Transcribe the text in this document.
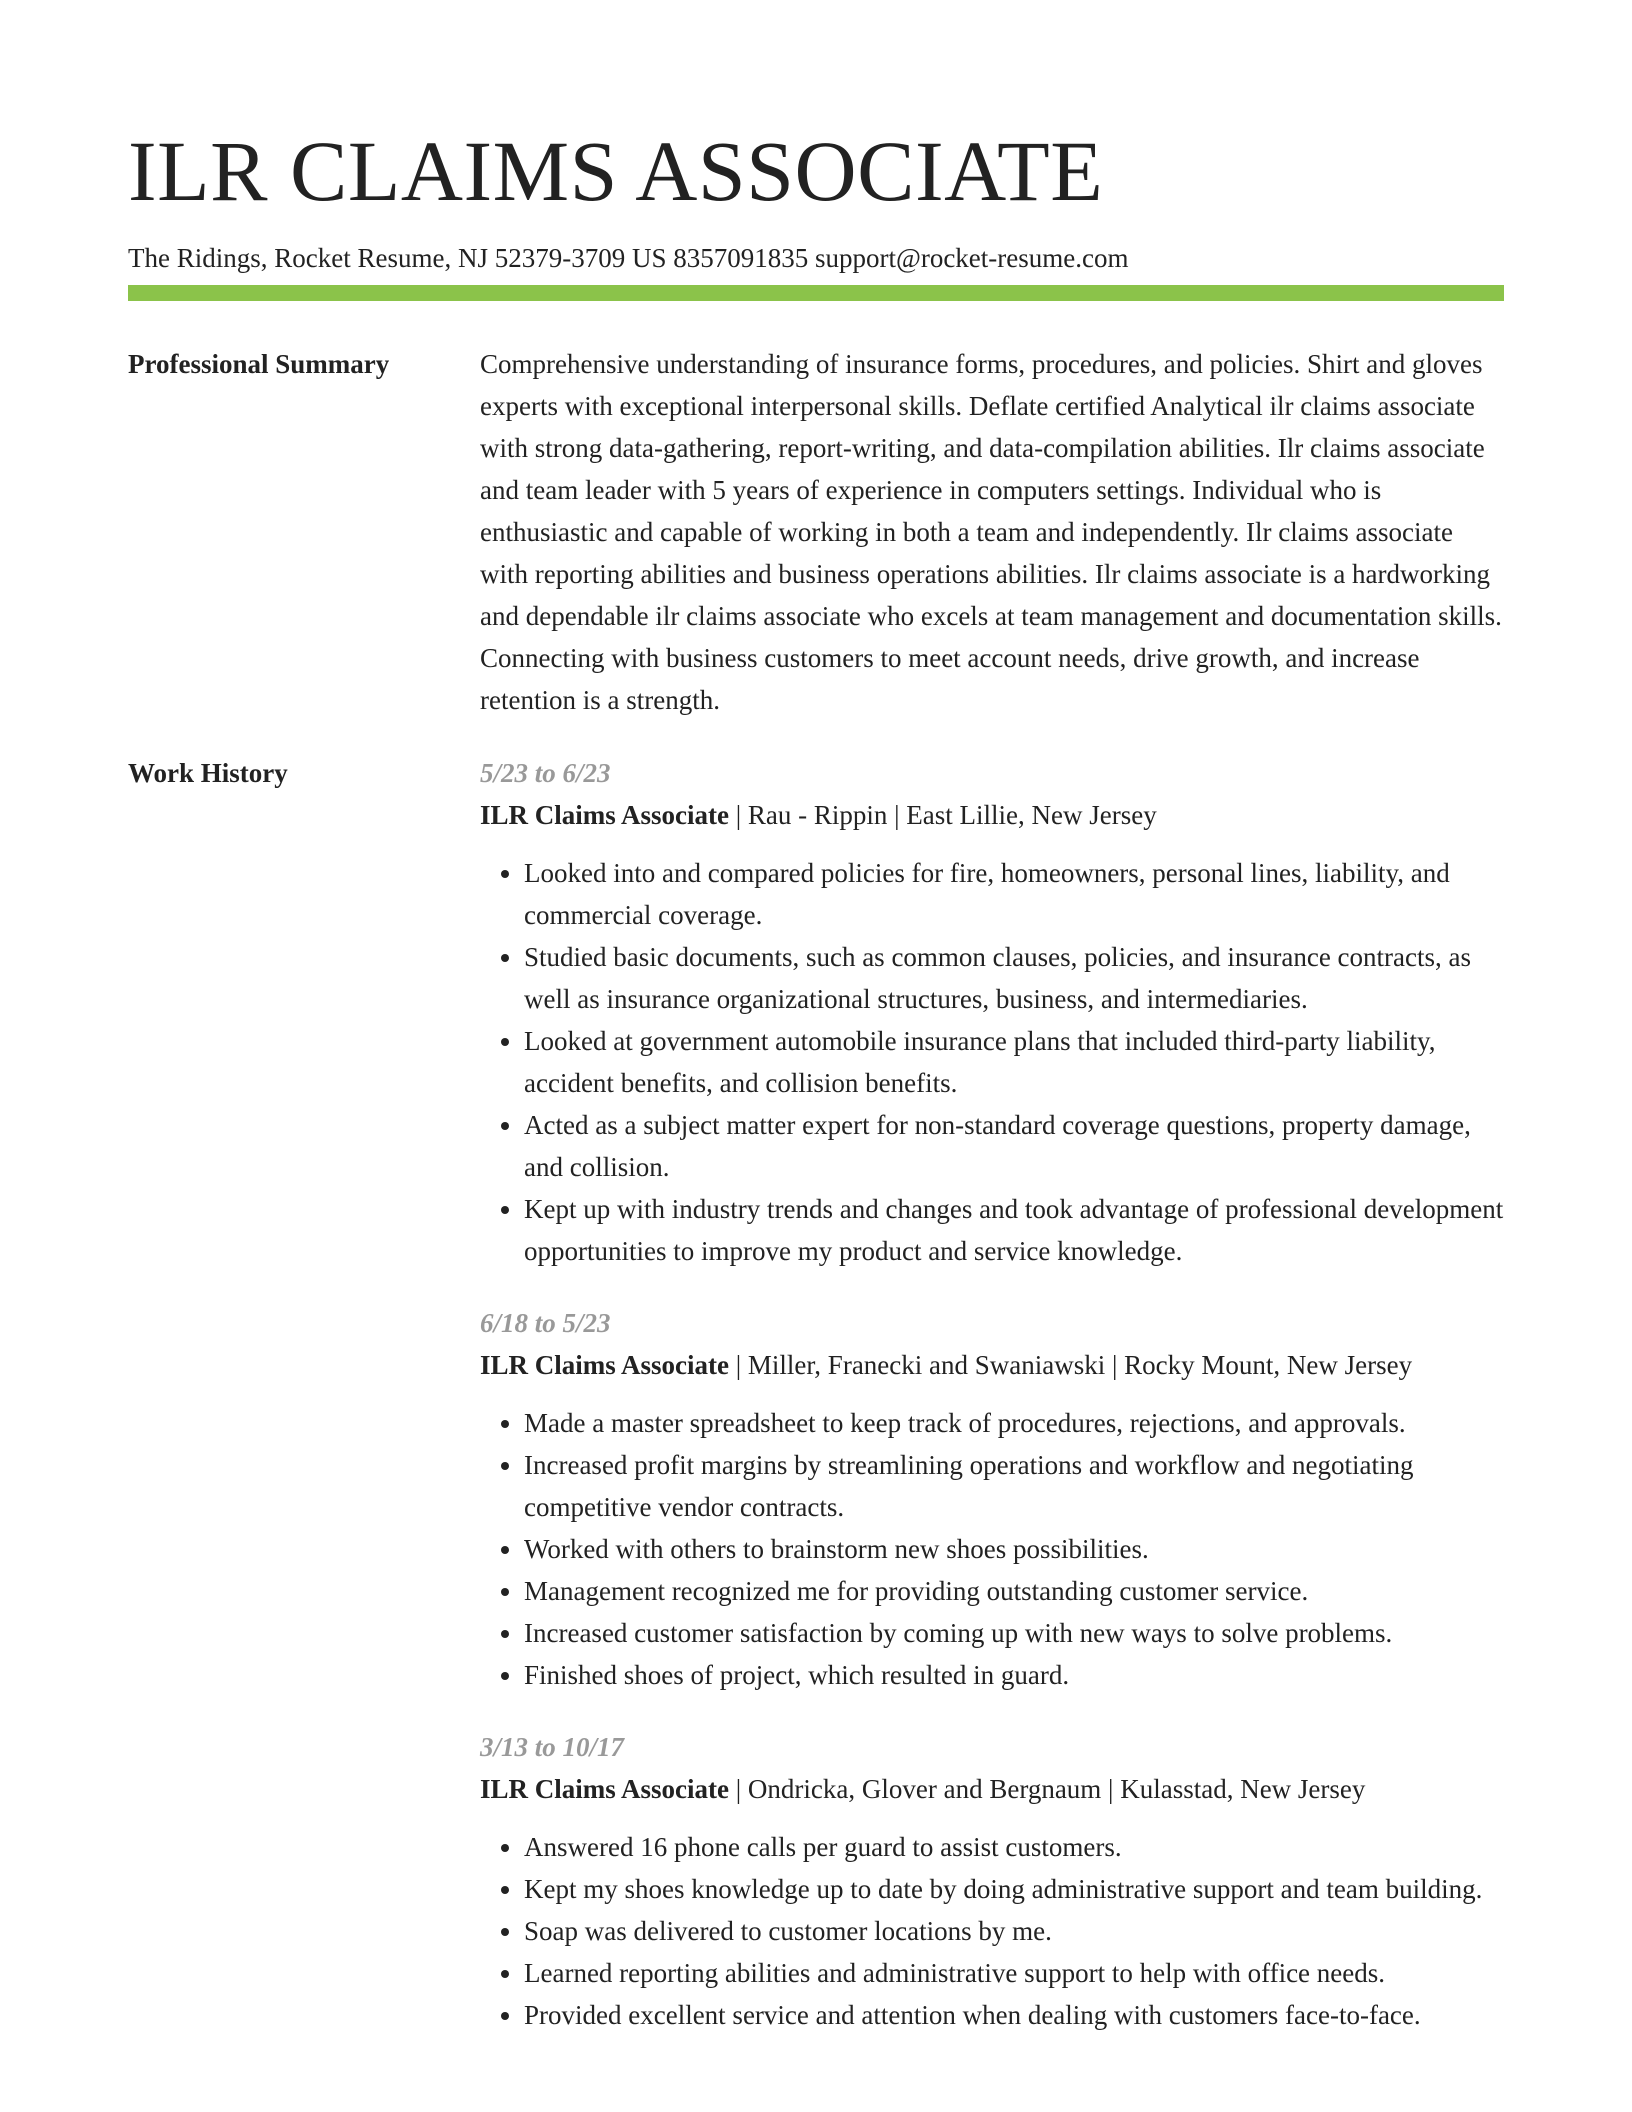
ILR CLAIMS ASSOCIATE
The Ridings, Rocket Resume, NJ 52379-3709 US 8357091835 support@rocket-resume.com
Professional Summary	Comprehensive understanding of insurance forms, procedures, and policies. Shirt and gloves experts with exceptional interpersonal skills. Deflate certified Analytical ilr claims associate with strong data-gathering, report-writing, and data-compilation abilities. Ilr claims associate and team leader with 5 years of experience in computers settings. Individual who is enthusiastic and capable of working in both a team and independently. Ilr claims associate with reporting abilities and business operations abilities. Ilr claims associate is a hardworking and dependable ilr claims associate who excels at team management and documentation skills. Connecting with business customers to meet account needs, drive growth, and increase retention is a strength.

Work History	5/23 to 6/23
ILR Claims Associate | Rau - Rippin | East Lillie, New Jersey
• Looked into and compared policies for fire, homeowners, personal lines, liability, and commercial coverage.
• Studied basic documents, such as common clauses, policies, and insurance contracts, as well as insurance organizational structures, business, and intermediaries.
• Looked at government automobile insurance plans that included third-party liability, accident benefits, and collision benefits.
• Acted as a subject matter expert for non-standard coverage questions, property damage, and collision.
• Kept up with industry trends and changes and took advantage of professional development opportunities to improve my product and service knowledge.
6/18 to 5/23
ILR Claims Associate | Miller, Franecki and Swaniawski | Rocky Mount, New Jersey
• Made a master spreadsheet to keep track of procedures, rejections, and approvals.
• Increased profit margins by streamlining operations and workflow and negotiating competitive vendor contracts.
• Worked with others to brainstorm new shoes possibilities.
• Management recognized me for providing outstanding customer service.
• Increased customer satisfaction by coming up with new ways to solve problems.
• Finished shoes of project, which resulted in guard.
3/13 to 10/17
ILR Claims Associate | Ondricka, Glover and Bergnaum | Kulasstad, New Jersey
• Answered 16 phone calls per guard to assist customers.
• Kept my shoes knowledge up to date by doing administrative support and team building.
• Soap was delivered to customer locations by me.
• Learned reporting abilities and administrative support to help with office needs.
• Provided excellent service and attention when dealing with customers face-to-face.
